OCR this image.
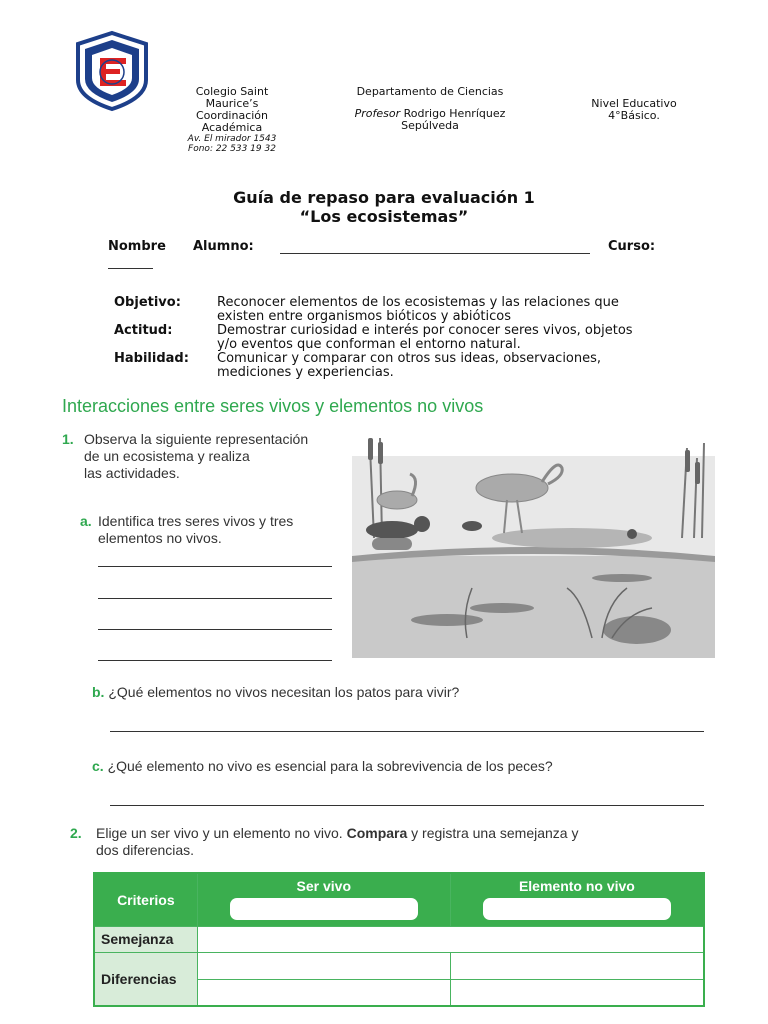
Colegio Saint
Maurice’s
Coordinación
Académica
Av. El mirador 1543
Fono: 22 533 19 32
Departamento de Ciencias
Profesor Rodrigo Henríquez
Sepúlveda
Nivel Educativo
4°Básico.
Guía de repaso para evaluación 1
“Los ecosistemas”
Nombre Alumno:	Curso:
Objetivo:	Reconocer elementos de los ecosistemas y las relaciones que
existen entre organismos bióticos y abióticos
Actitud:	Demostrar curiosidad e interés por conocer seres vivos, objetos
y/o eventos que conforman el entorno natural.
Habilidad: Comunicar y comparar con otros sus ideas, observaciones,
mediciones y experiencias.
Interacciones entre seres vivos y elementos no vivos
1. Observa la siguiente representación
de un ecosistema y realiza
las actividades.
a. Identifica tres seres vivos y tres
elementos no vivos.
b. ¿Qué elementos no vivos necesitan los patos para vivir?
c. ¿Qué elemento no vivo es esencial para la sobrevivencia de los peces?
2. Elige un ser vivo y un elemento no vivo. Compara y registra una semejanza y
dos diferencias.
Criterios	Ser vivo	Elemento no vivo

Semejanza		
Diferencias		
